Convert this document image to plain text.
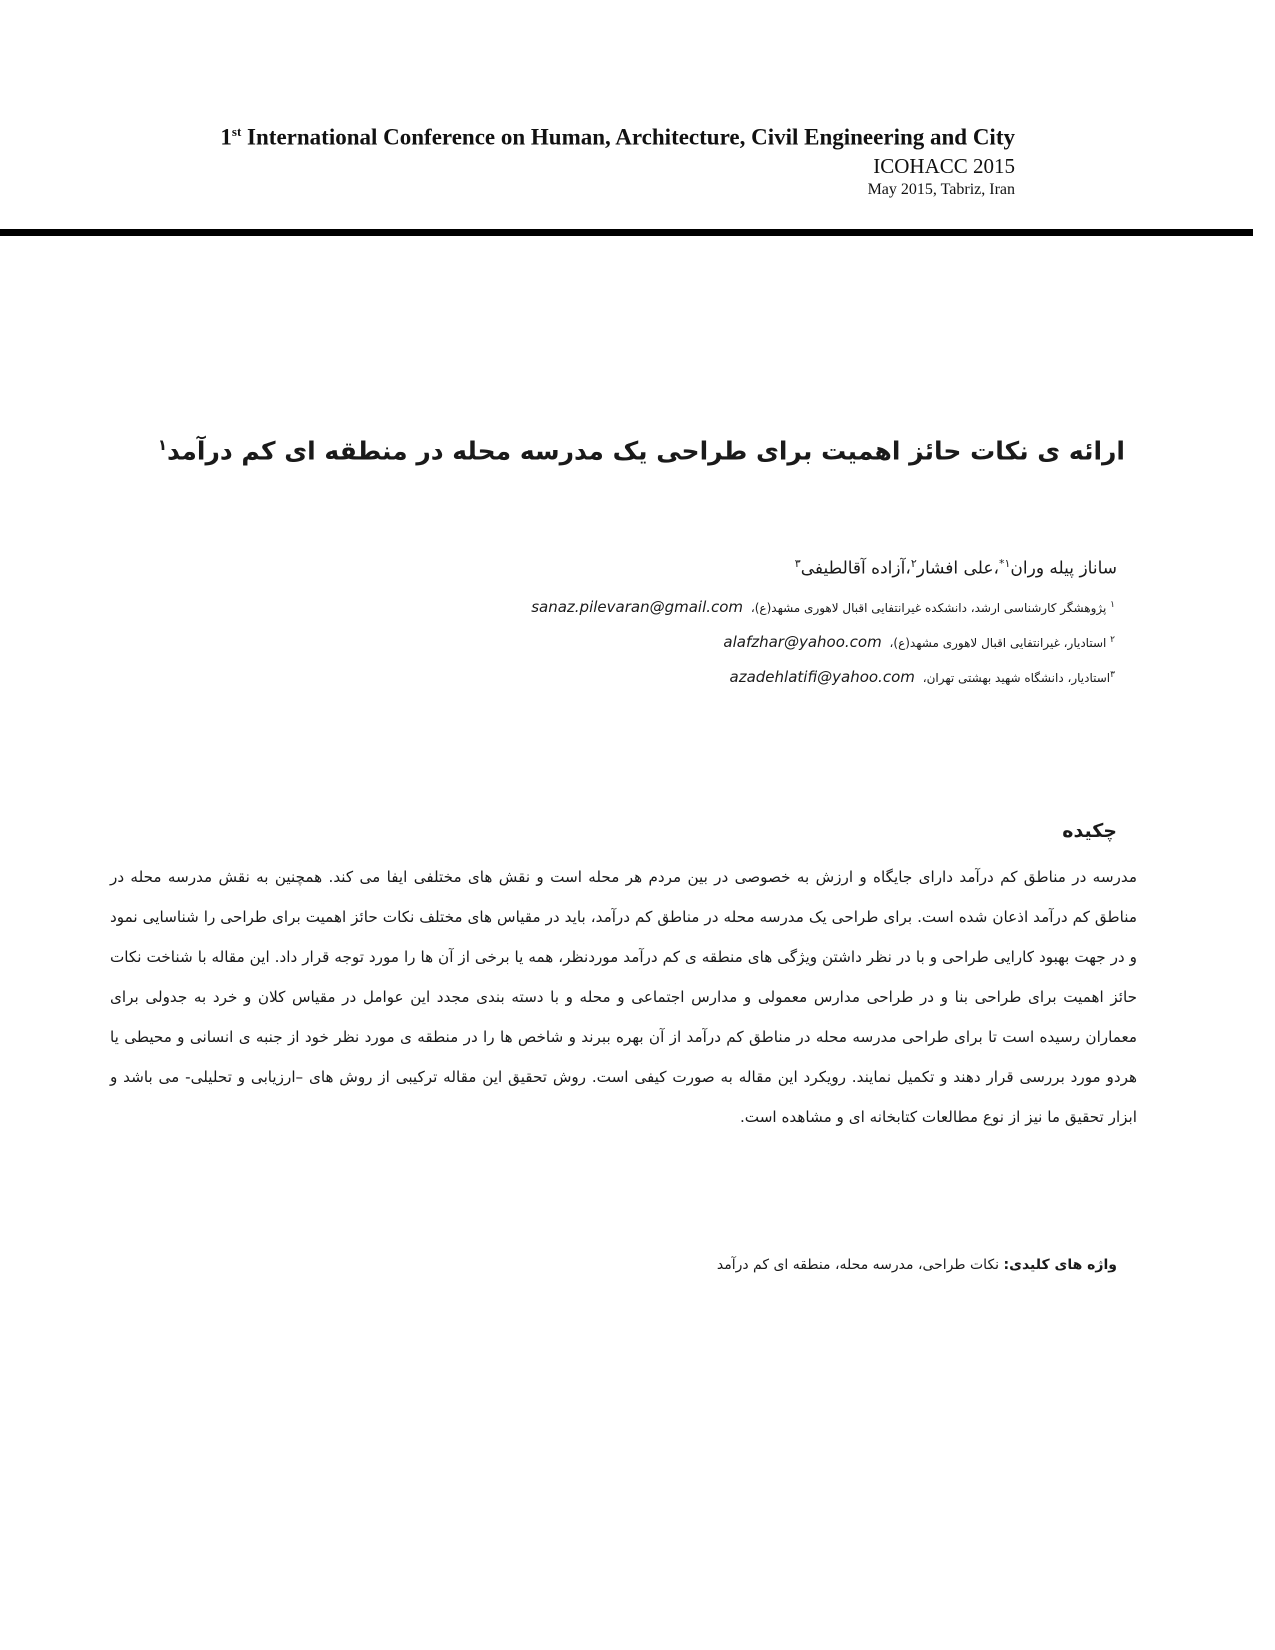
1st International Conference on Human, Architecture, Civil Engineering and City
ICOHACC 2015
May 2015, Tabriz, Iran
ارائه ی نکات حائز اهمیت برای طراحی یک مدرسه محله در منطقه ای کم درآمد$^۱$
ساناز پیله وران$^{۱*}$،علی افشار$^۲$،آزاده آقالطیفی$^۳$
$^۱$ پژوهشگر کارشناسی ارشد، دانشکده غیرانتفایی اقبال لاهوری مشهد(ع)، sanaz.pilevaran@gmail.com
$^۲$ استادیار، غیرانتفایی اقبال لاهوری مشهد(ع)، alafzhar@yahoo.com
$^۳$استادیار، دانشگاه شهید بهشتی تهران، azadehlatifi@yahoo.com
چکیده

مدرسه در مناطق کم درآمد دارای جایگاه و ارزش به خصوصی در بین مردم هر محله است و نقش های مختلفی ایفا می کند. همچنین به نقش مدرسه محله در مناطق کم درآمد اذعان شده است. برای طراحی یک مدرسه محله در مناطق کم درآمد، باید در مقیاس های مختلف نکات حائز اهمیت برای طراحی را شناسایی نمود و در جهت بهبود کارایی طراحی و با در نظر داشتن ویژگی های منطقه ی کم درآمد موردنظر، همه یا برخی از آن ها را مورد توجه قرار داد. این مقاله با شناخت نکات حائز اهمیت برای طراحی بنا و در طراحی مدارس معمولی و مدارس اجتماعی و محله و با دسته بندی مجدد این عوامل در مقیاس کلان و خرد به جدولی برای معماران رسیده است تا برای طراحی مدرسه محله در مناطق کم درآمد از آن بهره ببرند و شاخص ها را در منطقه ی مورد نظر خود از جنبه ی انسانی و محیطی یا هردو مورد بررسی قرار دهند و تکمیل نمایند. رویکرد این مقاله به صورت کیفی است. روش تحقیق این مقاله ترکیبی از روش های –ارزیابی و تحلیلی- می باشد و ابزار تحقیق ما نیز از نوع مطالعات کتابخانه ای و مشاهده است.

واژه های کلیدی: نکات طراحی، مدرسه محله، منطقه ای کم درآمد
